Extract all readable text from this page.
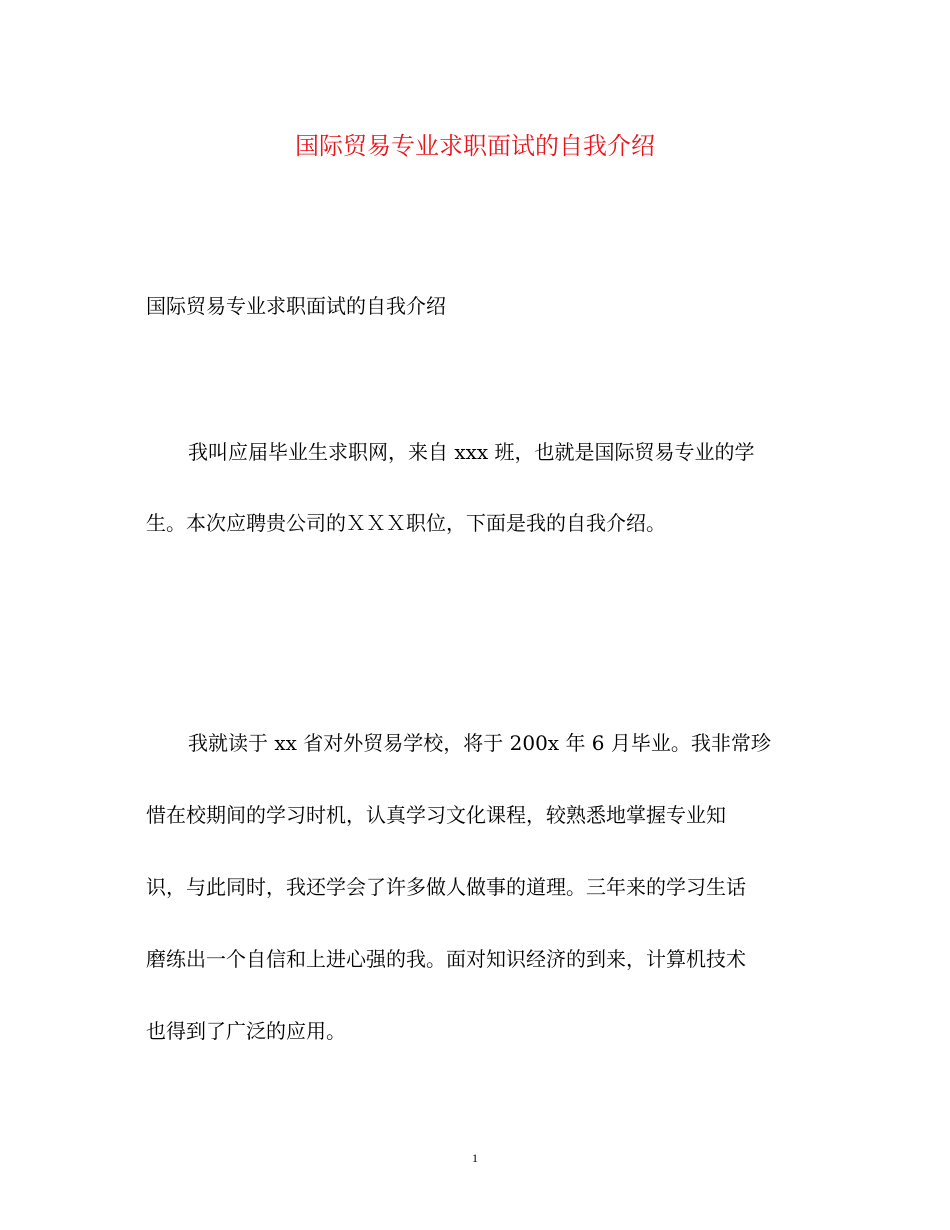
国际贸易专业求职面试的自我介绍
国际贸易专业求职面试的自我介绍
我叫应届毕业生求职网，来自 xxx 班，也就是国际贸易专业的学
生。本次应聘贵公司的ＸＸＸ职位，下面是我的自我介绍。
我就读于 xx 省对外贸易学校，将于 200x 年 6 月毕业。我非常珍
惜在校期间的学习时机，认真学习文化课程，较熟悉地掌握专业知
识，与此同时，我还学会了许多做人做事的道理。三年来的学习生话
磨练出一个自信和上进心强的我。面对知识经济的到来，计算机技术
也得到了广泛的应用。
1
